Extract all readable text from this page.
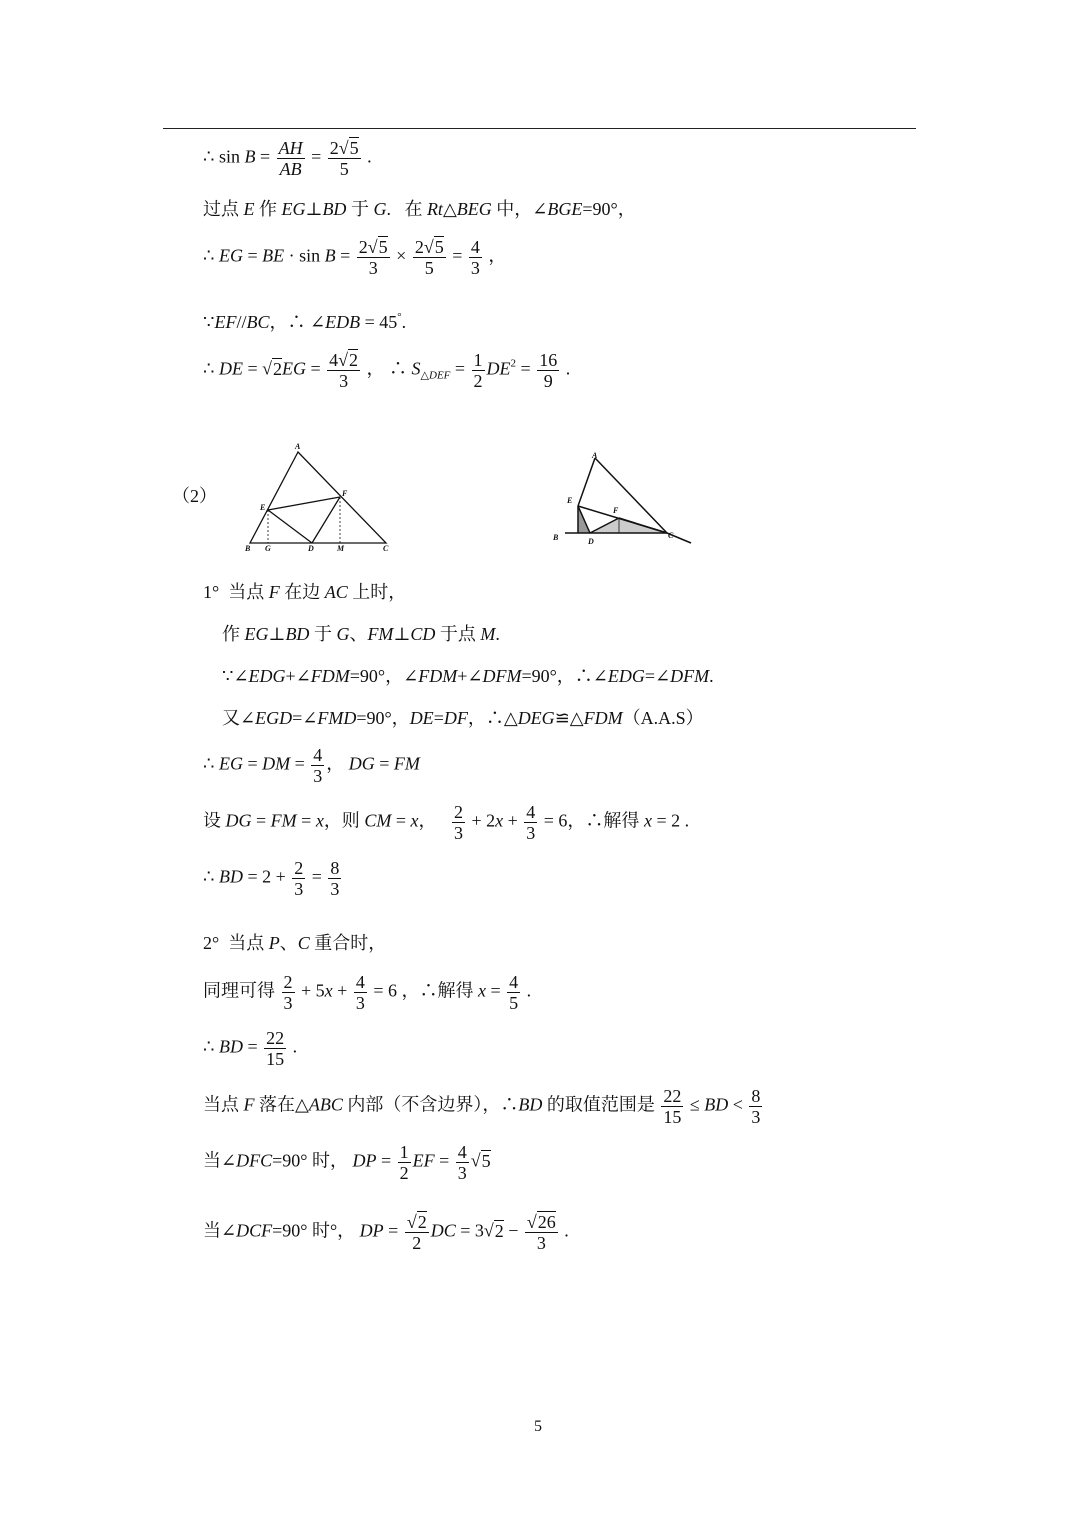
∴ $\sin B = \frac{AH}{AB} = \frac{2√5}{5}$ .
过点 E 作 EG⊥BD 于 G.   在 Rt△BEG 中，∠BGE=90°，
∴ EG = BE · $\sin B = \frac{2√5}{3} \times \frac{2√5}{5} = \frac{4}{3}$ ，
∵EF//BC，∴ ∠EDB = 45°.
∴ DE = $√2EG = \frac{4√2}{3}$ ， ∴ $S_{\triangle DEF} = \frac{1}{2} DE^2 = \frac{16}{9}$ .
（2）
A
E
F
B G	D	M	C
A
E
F
B	D
C
1°  当点 F 在边 AC 上时，
作 EG⊥BD 于 G、FM⊥CD 于点 M.
∵∠EDG+∠FDM=90°，∠FDM+∠DFM=90°，∴∠EDG=∠DFM.
又∠EGD=∠FMD=90°，DE=DF，∴△DEG≌△FDM（A.A.S）
∴ EG = DM = $\frac{4}{3}$ ， DG = FM
设 DG = FM = x，则 CM = x， $\frac{2}{3} + 2x + \frac{4}{3} = 6$，∴解得 x = 2 .
∴ BD = $2 + \frac{2}{3} = \frac{8}{3}$
2°  当点 P、C 重合时，
同理可得 $\frac{2}{3} + 5x + \frac{4}{3} = 6$ ，∴解得 $x = \frac{4}{5}$ .
∴ BD = $\frac{22}{15}$ .
当点 F 落在△ABC 内部（不含边界），∴BD 的取值范围是 $\frac{22}{15}$ ≤ BD < $\frac{8}{3}$
当∠DFC=90° 时， DP = $\frac{1}{2}$ EF = $\frac{4}{3} √5$
当∠DCF=90° 时°， DP = $\frac{√2}{2}$ DC = $3√2 - \frac{√26}{3}$ .
5
